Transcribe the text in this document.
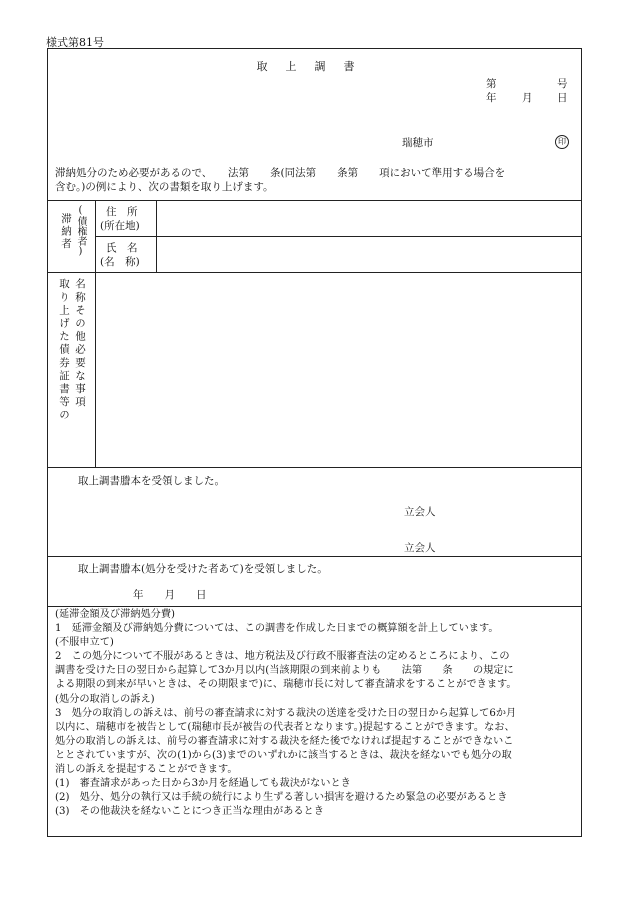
様式第81号
取上調書
第	号
年 月 日
瑞穂市	印
滞納処分のため必要があるので、　　法第　　条(同法第　　条第　　項において準用する場合を
含む。)の例により、次の書類を取り上げます。
滞納者 (債権者) 住　所
(所在地)
氏　名
(名　称)
取り上げた債券証書等の 名称その他必要な事項
取上調書謄本を受領しました。
立会人
立会人
取上調書謄本(処分を受けた者あて)を受領しました。
年　　月　　日
(延滞金額及び滞納処分費)
1　延滞金額及び滞納処分費については、この調書を作成した日までの概算額を計上しています。
(不服申立て)
2　この処分について不服があるときは、地方税法及び行政不服審査法の定めるところにより、この
調書を受けた日の翌日から起算して3か月以内(当該期限の到来前よりも　　法第　　条　　の規定に
よる期限の到来が早いときは、その期限まで)に、瑞穂市長に対して審査請求をすることができます。
(処分の取消しの訴え)
3　処分の取消しの訴えは、前号の審査請求に対する裁決の送達を受けた日の翌日から起算して6か月
以内に、瑞穂市を被告として(瑞穂市長が被告の代表者となります。)提起することができます。なお、
処分の取消しの訴えは、前号の審査請求に対する裁決を経た後でなければ提起することができないこ
ととされていますが、次の(1)から(3)までのいずれかに該当するときは、裁決を経ないでも処分の取
消しの訴えを提起することができます。
(1)　審査請求があった日から3か月を経過しても裁決がないとき
(2)　処分、処分の執行又は手続の続行により生ずる著しい損害を避けるため緊急の必要があるとき
(3)　その他裁決を経ないことにつき正当な理由があるとき
